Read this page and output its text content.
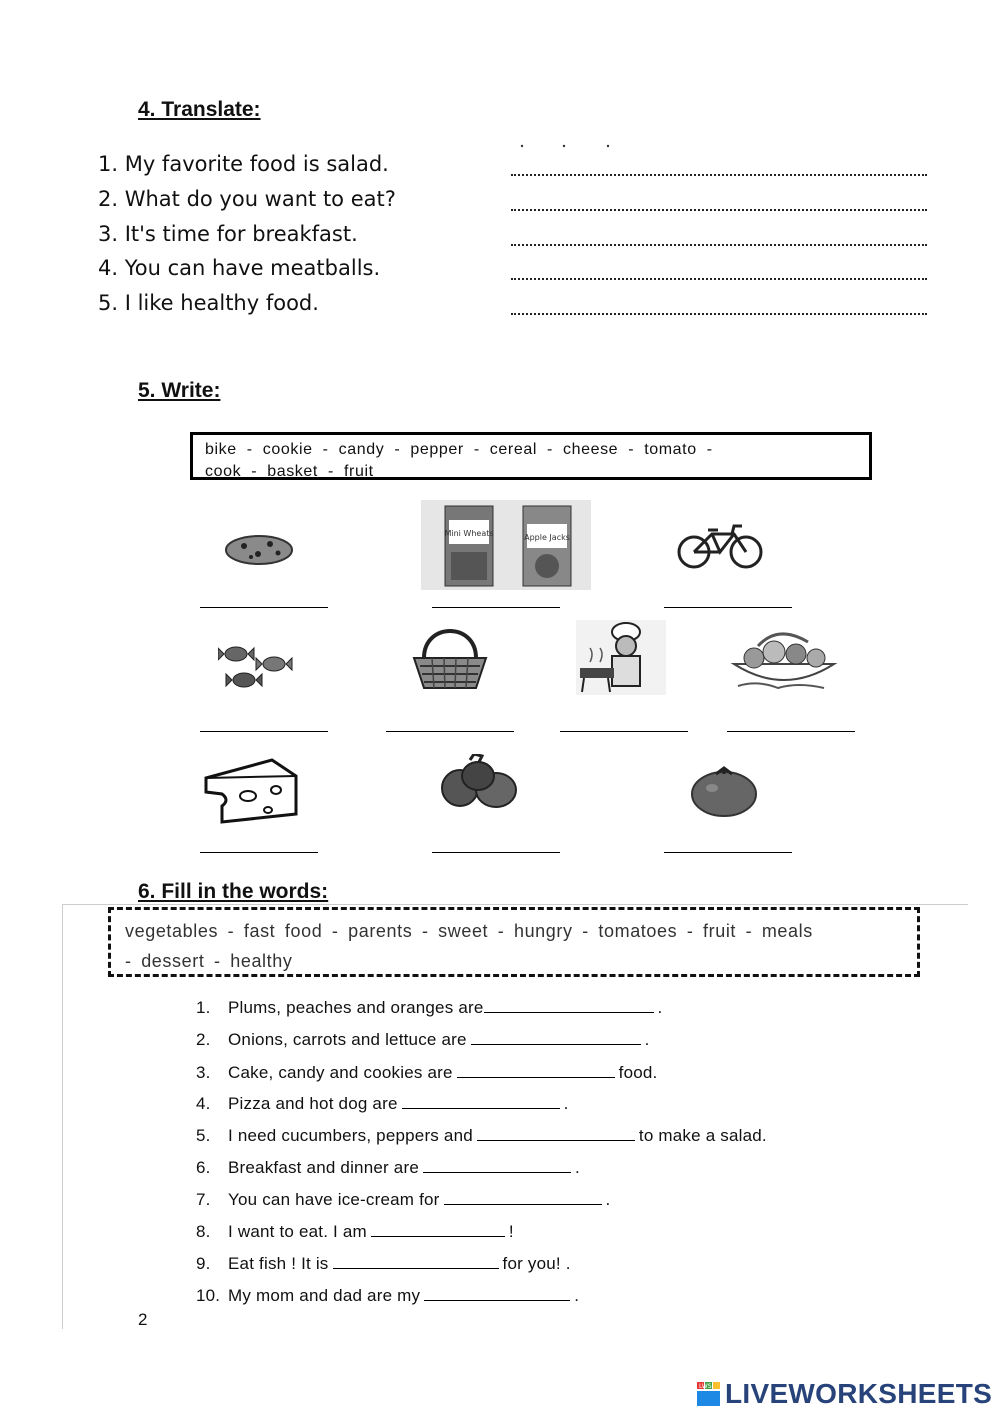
4. Translate:
1. My favorite food is salad.
2. What do you want to eat?
3. It's time for breakfast.
4. You can have meatballs.
5. I like healthy food.
5. Write:
bike - cookie - candy - pepper - cereal - cheese - tomato -
cook - basket - fruit
Mini Wheats	Apple Jacks
6. Fill in the words:
vegetables - fast food - parents - sweet - hungry - tomatoes - fruit - meals
- dessert - healthy
1. Plums, peaches and oranges are	.
2. Onions, carrots and lettuce are	.
3. Cake, candy and cookies are	food.
4. Pizza and hot dog are	.
5. I need cucumbers, peppers and	to make a salad.
6. Breakfast and dinner are	.
7. You can have ice-cream for	.
8. I want to eat. I am	!
9. Eat fish ! It is	for you! .
10. My mom and dad are my	.
2
LWS LIVEWORKSHEETS
